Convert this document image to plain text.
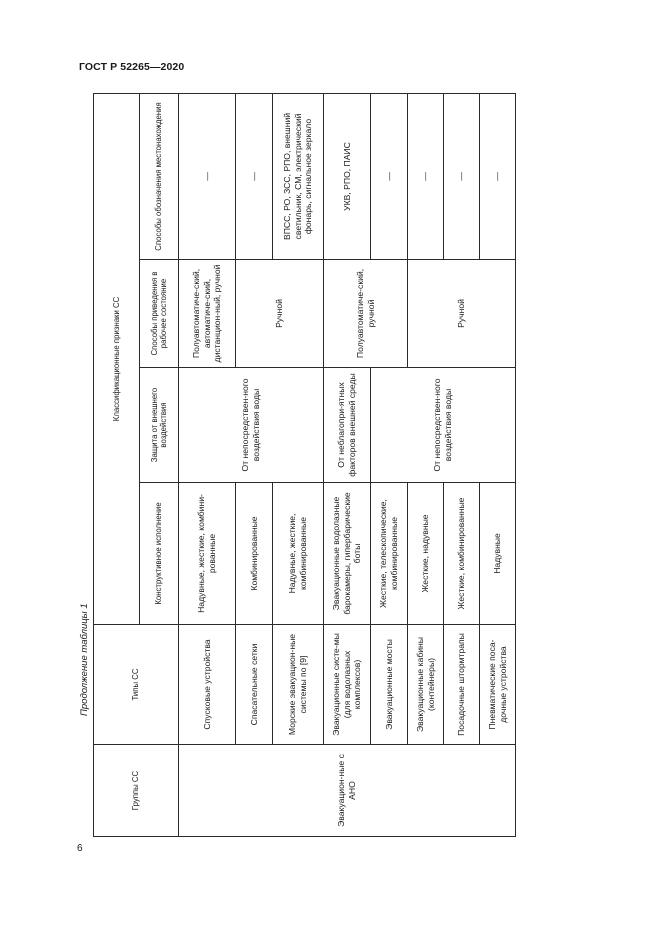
ГОСТ Р 52265—2020
6
Продолжение таблицы 1
Группы СС	Типы СС	Классификационные признаки СС			
		Конструктивное исполнение	Защита от внешнего воздействия	Способы приведения в рабочее состояние	Способы обозначения местонахождения
Эвакуацион-ные с АНО	Спусковые устройства	Надувные, жесткие, комбини-рованные	От непосредствен-ного воздействия воды	Полуавтоматиче-ский, автоматиче-ский, дистанцион-ный, ручной	—
	Спасательные сетки	Комбинированные		Ручной	—
	Морские эвакуацион-ные системы по [9]	Надувные, жесткие, комбинированные			ВПСС, РО, ЗСС, РПО, внешний светильник, СМ, электрический фонарь, сигнальное зеркало
	Эвакуационные систе-мы (для водолазных комплексов)	Эвакуационные водолазные барокамеры, гипербарические боты	От неблагопри-ятных факторов внешней среды	Полуавтоматиче-ский, ручной	УКВ, РПО, ПАИС
	Эвакуационные мосты	Жесткие, телескопические, комбинированные	От непосредствен-ного воздействия воды		—
	Эвакуационные кабины (контейнеры)	Жесткие, надувные		Ручной	—
	Посадочные штормтрапы	Жесткие, комбинированные			—
	Пневматические поса-дочные устройства	Надувные			—
